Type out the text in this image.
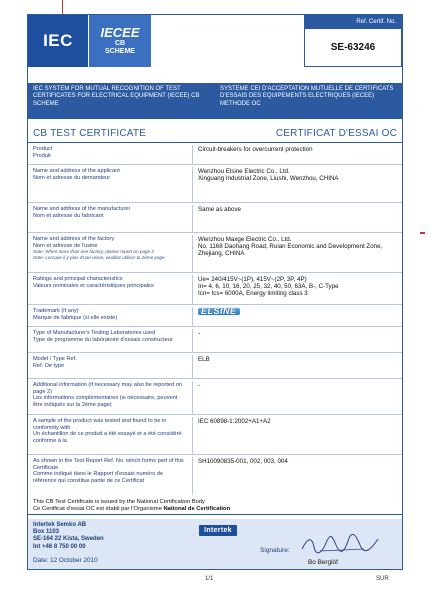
IEC IECEE
CB
SCHEME
Ref. Certif. No.
SE-63246
IEC SYSTEM FOR MUTUAL RECOGNITION OF TEST CERTIFICATES FOR ELECTRICAL EQUIPMENT (IECEE) CB SCHEME
SYSTEME CEI D'ACCEPTATION MUTUELLE DE CERTIFICATS D'ESSAIS DES EQUIPEMENTS ELECTRIQUES (IECEE) METHODE OC
CB TEST CERTIFICATE	CERTIFICAT D'ESSAI OC
Product
Produit
Circuit-breakers for overcurrent protection
Name and address of the applicant
Nom et adresse du demandeur
Wenzhou Elsine Electric Co., Ltd.
Xinguang Industrial Zone, Liushi, Wenzhou, CHINA
Name and address of the manufacturer
Nom et adresse du fabricant
Same as above
Name and address of the factory
Nom et adresse de l'usine
Note: When more than one factory, please report on page 2
Note: Lorsque il y plus d'une usine, veuillez utiliser la 2ème page
Wenzhou Maxge Electric Co., Ltd.
No. 1168 Daohang Road, Ruian Economic and Development Zone, Zhejiang, CHINA
Ratings and principal characteristics
Valeurs nominales et caractéristiques principales
Ue= 240/415V~(1P), 415V~(2P, 3P, 4P)
In= 4, 6, 10, 16, 20, 25, 32, 40, 50, 63A, B-, C-Type
Icn= Ics= 6000A, Energy limiting class 3
Trademark (if any)
Marque de fabrique (si elle existe)
ELSINE
Type of Manufacturer's Testing Laboratories used
Type de programme du laboratoire d'essais constructeur
-
Model / Type Ref.
Ref. De type
ELB
Additional information (if necessary may also be reported on page 2)
Les informations complémentaires (si nécessaire, peuvent être indiqués sur la 2ème page)
-
A sample of the product was tested and found to be in conformity with
Un échantillon de ce produit a été essayé et a été considéré conforme à la
IEC 60898-1:2002+A1+A2
As shown in the Test Report Ref. No. which forms part of this Certificate
Comme indiqué dans le Rapport d'essais numéro de référence qui constitue partie de ce Certificat
SH10090835-001, 002, 003, 004
This CB Test Certificate is issued by the National Certification Body
Ce Certificat d'essai OC est établi par l'Organisme National de Certification
Intertek Semko AB
Box 1103
SE-164 22 Kista, Sweden
Int +46 8 750 00 00
Date: 12 October 2010
Intertek
Signature:
Bo Berglöf
1/1	SUR
